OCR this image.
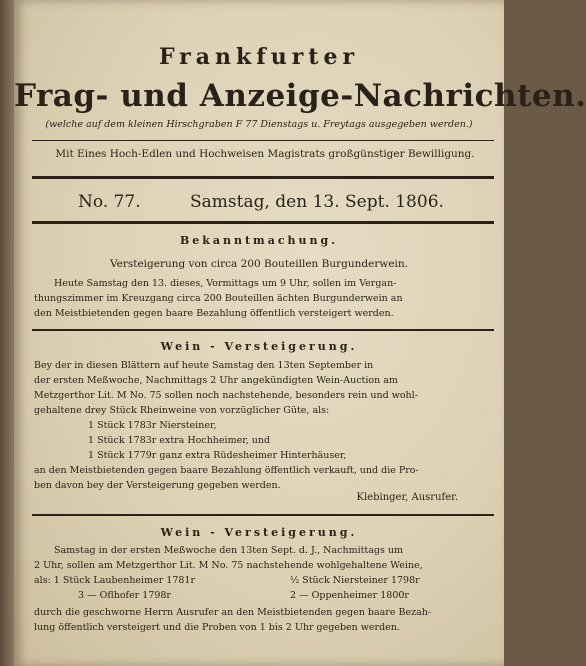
Frankfurter
Frag- und Anzeige-Nachrichten.
(welche auf dem kleinen Hirschgraben F 77 Dienstags u. Freytags ausgegeben werden.)
Mit Eines Hoch-Edlen und Hochweisen Magistrats großgünstiger Bewilligung.
No. 77.	Samstag, den 13. Sept. 1806.
Bekanntmachung.
Versteigerung von circa 200 Bouteillen Burgunderwein.
Heute Samstag den 13. dieses, Vormittags um 9 Uhr, sollen im Vergan-
thungszimmer im Kreuzgang circa 200 Bouteillen ächten Burgunderwein an
den Meistbietenden gegen baare Bezahlung öffentlich versteigert werden.
Wein - Versteigerung.
Bey der in diesen Blättern auf heute Samstag den 13ten September in
der ersten Meßwoche, Nachmittags 2 Uhr angekündigten Wein-Auction am
Metzgerthor Lit. M No. 75 sollen noch nachstehende, besonders rein und wohl-
gehaltene drey Stück Rheinweine von vorzüglicher Güte, als:
1 Stück 1783r Niersteiner,
1 Stück 1783r extra Hochheimer, und
1 Stück 1779r ganz extra Rüdesheimer Hinterhäuser,
an den Meistbietenden gegen baare Bezahlung öffentlich verkauft, und die Pro-
ben davon bey der Versteigerung gegeben werden.
Klebinger, Ausrufer.
Wein - Versteigerung.
Samstag in der ersten Meßwoche den 13ten Sept. d. J., Nachmittags um
2 Uhr, sollen am Metzgerthor Lit. M No. 75 nachstehende wohlgehaltene Weine,
als: 1 Stück Laubenheimer 1781r	½ Stück Niersteiner 1798r
3 — Oflhofer 1798r	2 — Oppenheimer 1800r
durch die geschworne Herrn Ausrufer an den Meistbietenden gegen baare Bezah-
lung öffentlich versteigert und die Proben von 1 bis 2 Uhr gegeben werden.
